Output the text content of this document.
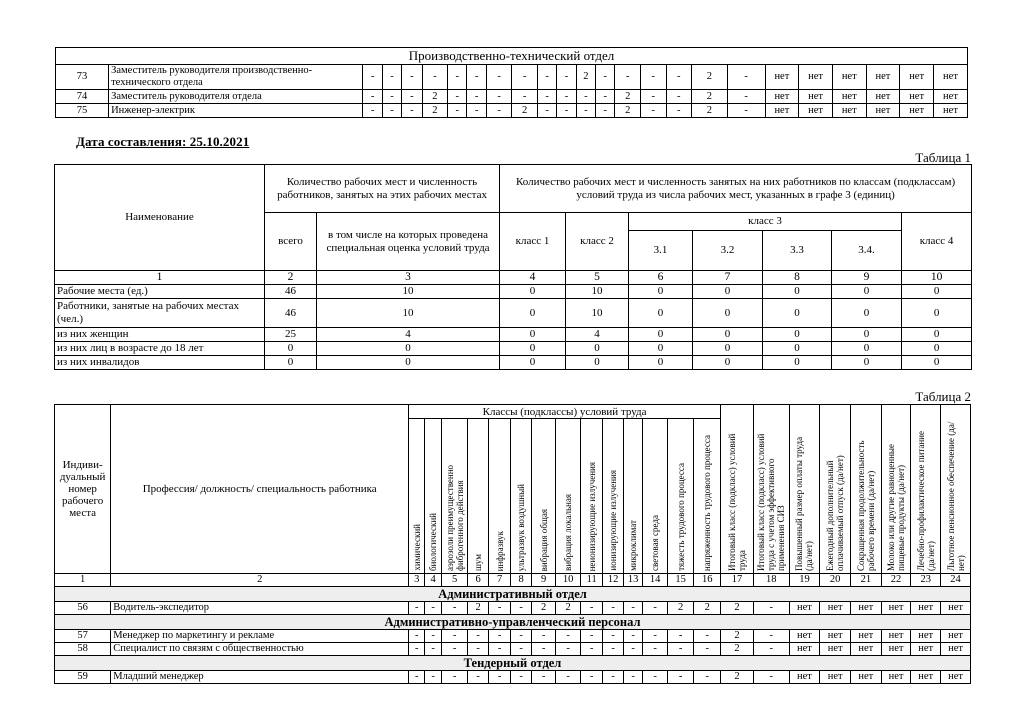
Производственно-технический отдел																								
73	Заместитель руководителя производственно-технического отдела	-	-	-	-	-	-	-	-	-	-	2	-	-	-	-	2	-	нет	нет	нет	нет	нет	нет
74	Заместитель руководителя отдела	-	-	-	2	-	-	-	-	-	-	-	-	2	-	-	2	-	нет	нет	нет	нет	нет	нет
75	Инженер-электрик	-	-	-	2	-	-	-	2	-	-	-	-	2	-	-	2	-	нет	нет	нет	нет	нет	нет
Дата составления: 25.10.2021
Таблица 1
Наименование	Количество рабочих мест и численность работников, занятых на этих рабочих местах		Количество рабочих мест и численность занятых на них работников по классам (подклассам) условий труда из числа рабочих мест, указанных в графе 3 (единиц)						
	всего	в том числе на которых проведена специальная оценка условий труда	класс 1	класс 2	класс 3				класс 4
					3.1	3.2	3.3	3.4.	
1	2	3	4	5	6	7	8	9	10
Рабочие места (ед.)	46	10	0	10	0	0	0	0	0
Работники, занятые на рабочих местах (чел.)	46	10	0	10	0	0	0	0	0
из них женщин	25	4	0	4	0	0	0	0	0
из них лиц в возрасте до 18 лет	0	0	0	0	0	0	0	0	0
из них инвалидов	0	0	0	0	0	0	0	0	0
Таблица 2
Индиви-дуальный номер рабочего места	Профессия/ должность/ специальность работника	Классы (подклассы) условий труда														Итоговый класс (подкласс) условий труда	Итоговый класс (подкласс) условий труда с учетом эффективного применения СИЗ	Повышенный размер оплаты труда (да/нет)	Ежегодный дополнительный оплачиваемый отпуск (да/нет)	Сокращенная продолжительность рабочего времени (да/нет)	Молоко или другие равноценные пищевые продукты (да/нет)	Лечебно-профилактическое питание (да/нет)	Льготное пенсионное обеспечение (да/нет)

		химический	биологический	аэрозоли преимущественно фиброгенного действия	шум	инфразвук	ультразвук воздушный	вибрация общая	вибрация локальная	неионизирующие излучения	ионизирующие излучения	микроклимат	световая среда	тяжесть трудового процесса	напряженность трудового процесса								

1	2	3	4	5	6	7	8	9	10	11	12	13	14	15	16	17	18	19	20	21	22	23	24
Административный отдел																							
56	Водитель-экспедитор	-	-	-	2	-	-	2	2	-	-	-	-	2	2	2	-	нет	нет	нет	нет	нет	нет
Административно-управленческий персонал																							
57	Менеджер по маркетингу и рекламе	-	-	-	-	-	-	-	-	-	-	-	-	-	-	2	-	нет	нет	нет	нет	нет	нет
58	Специалист по связям с общественностью	-	-	-	-	-	-	-	-	-	-	-	-	-	-	2	-	нет	нет	нет	нет	нет	нет
Тендерный отдел																							
59	Младший менеджер	-	-	-	-	-	-	-	-	-	-	-	-	-	-	2	-	нет	нет	нет	нет	нет	нет
